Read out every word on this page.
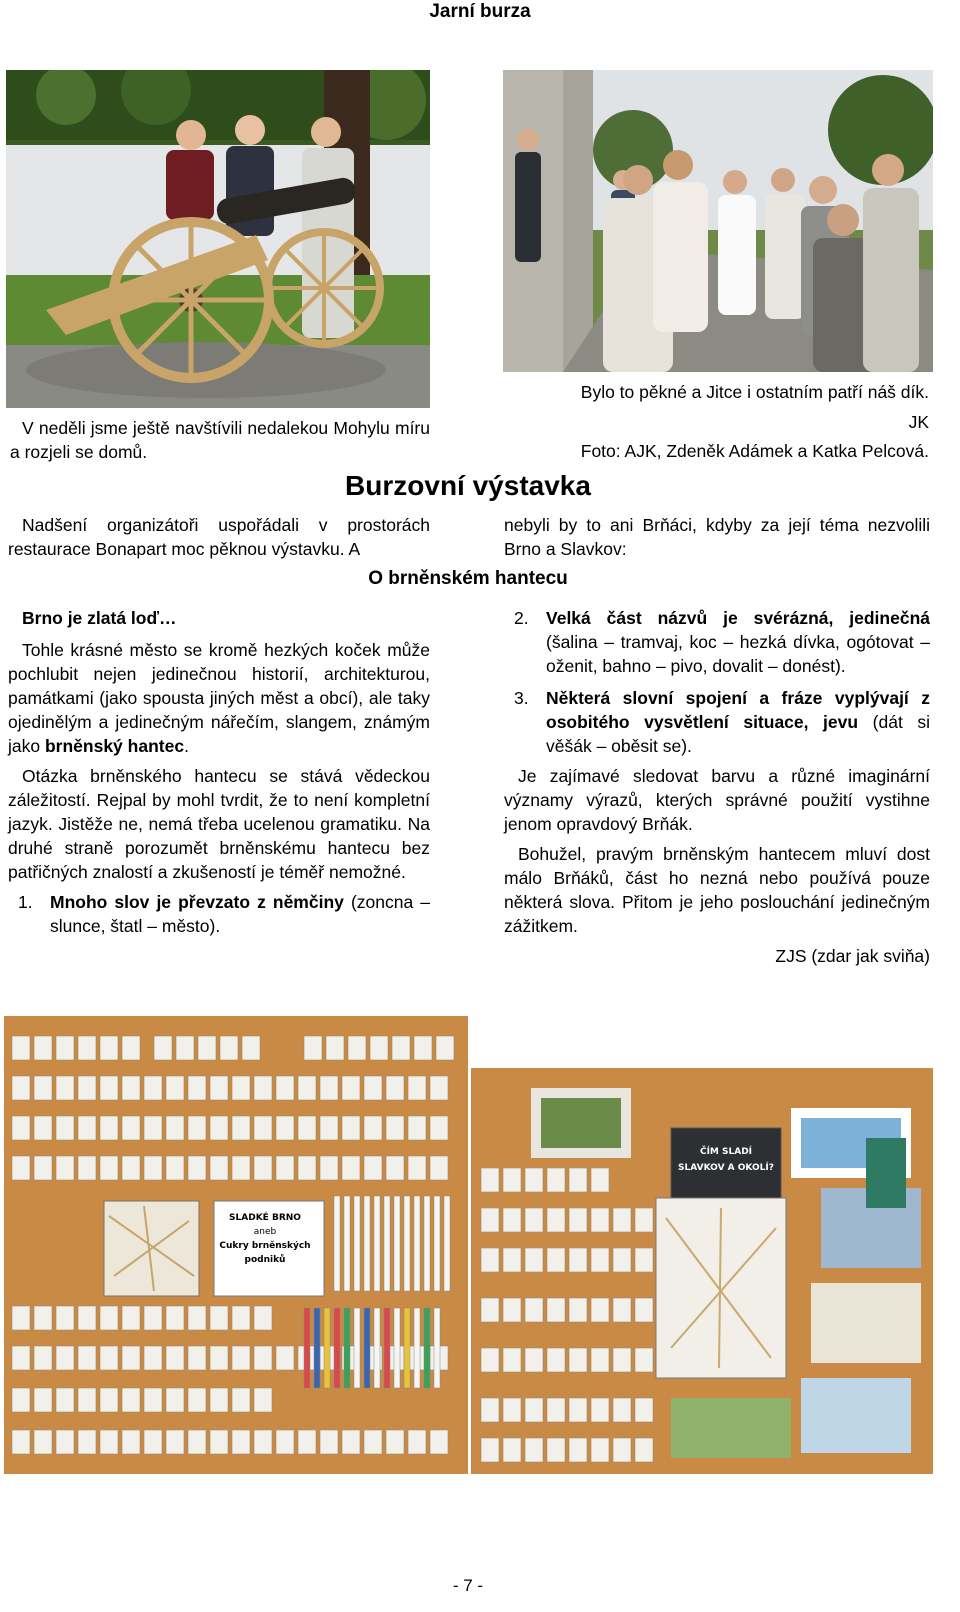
Jarní burza
V neděli jsme ještě navštívili nedalekou Mohylu míru a rozjeli se domů.
Bylo to pěkné a Jitce i ostatním patří náš dík.
JK
Foto: AJK, Zdeněk Adámek a Katka Pelcová.
Burzovní výstavka
Nadšení organizátoři uspořádali v prostorách restaurace Bonapart moc pěknou výstavku. A
nebyli by to ani Brňáci, kdyby za její téma nezvolili Brno a Slavkov:
O brněnském hantecu

Brno je zlatá loď…

Tohle krásné město se kromě hezkých koček může pochlubit nejen jedinečnou historií, architekturou, památkami (jako spousta jiných měst a obcí), ale taky ojedinělým a jedinečným nářečím, slangem, známým jako brněnský hantec.

Otázka brněnského hantecu se stává vědeckou záležitostí. Rejpal by mohl tvrdit, že to není kompletní jazyk. Jistěže ne, nemá třeba ucelenou gramatiku. Na druhé straně porozumět brněnskému hantecu bez patřičných znalostí a zkušeností je téměř nemožné.

1. Mnoho slov je převzato z němčiny (zoncna – slunce, štatl – město).
2. Velká část názvů je svérázná, jedinečná (šalina – tramvaj, koc – hezká dívka, ogótovat – oženit, bahno – pivo, dovalit – donést).
3. Některá slovní spojení a fráze vyplývají z osobitého vysvětlení situace, jevu (dát si věšák – oběsit se).

Je zajímavé sledovat barvu a různé imaginární významy výrazů, kterých správné použití vystihne jenom opravdový Brňák.

Bohužel, pravým brněnským hantecem mluví dost málo Brňáků, část ho nezná nebo používá pouze některá slova. Přitom je jeho poslouchání jedinečným zážitkem.

ZJS (zdar jak sviňa)

SLADKÉ BRNO
aneb
Cukry brněnských podniků
ČÍM SLADÍ
SLAVKOV A OKOLÍ?
- 7 -
